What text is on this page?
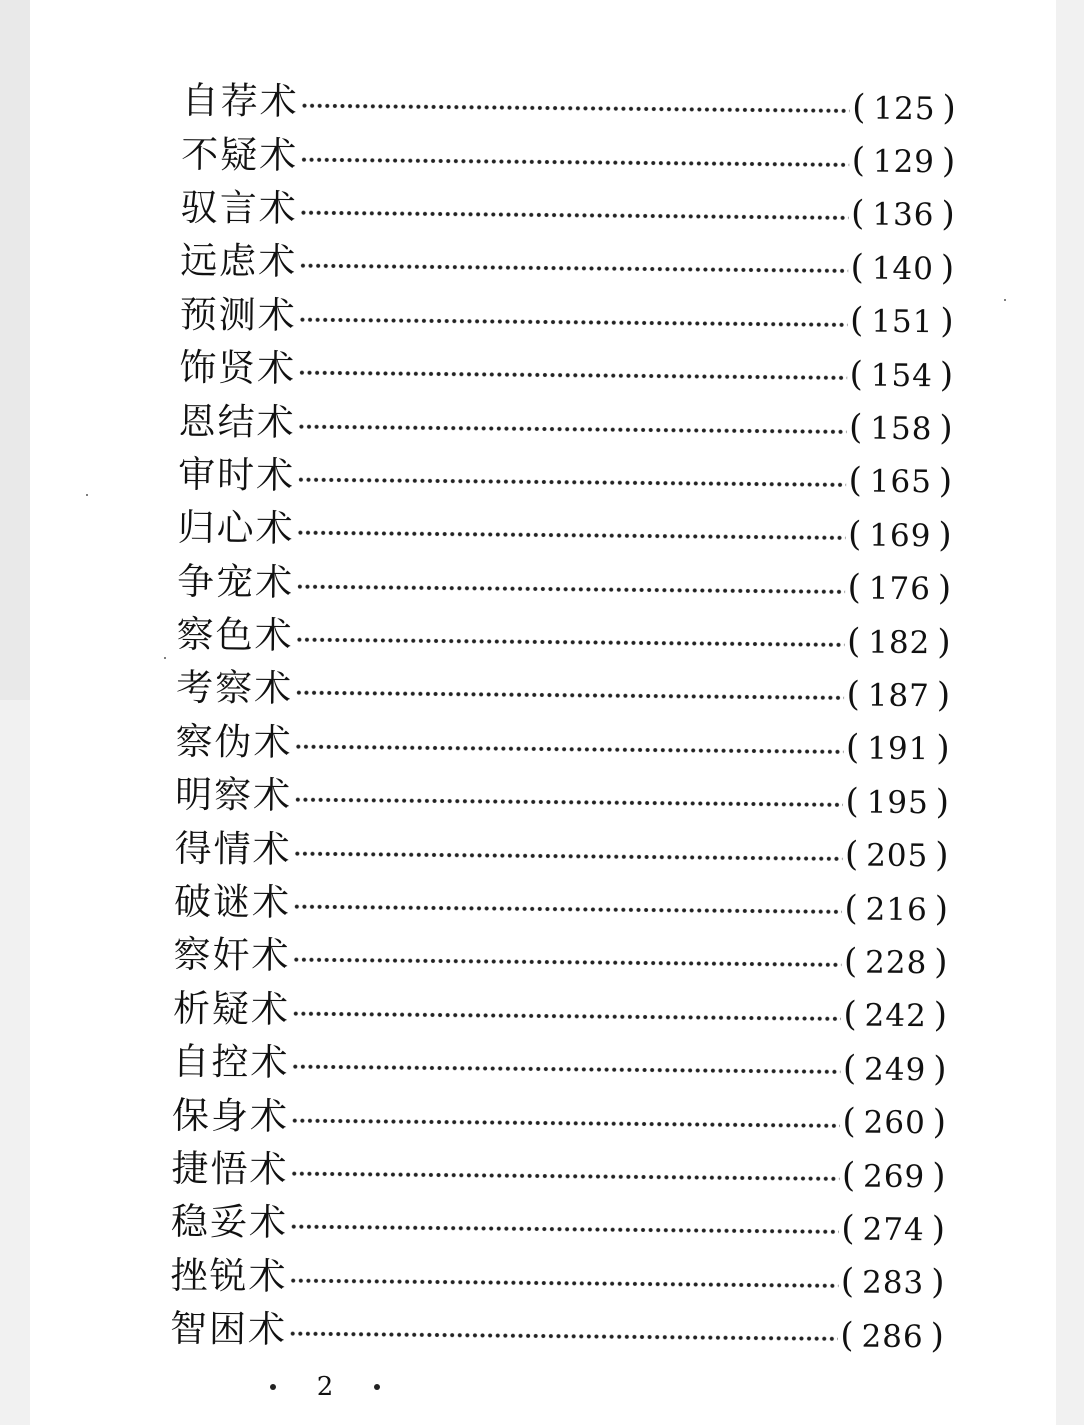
自荐术	( 125 )
不疑术	( 129 )
驭言术	( 136 )
远虑术	( 140 )
预测术	( 151 )
饰贤术	( 154 )
恩结术	( 158 )
审时术	( 165 )
归心术	( 169 )
争宠术	( 176 )
察色术	( 182 )
考察术	( 187 )
察伪术	( 191 )
明察术	( 195 )
得情术	( 205 )
破谜术	( 216 )
察奸术	( 228 )
析疑术	( 242 )
自控术	( 249 )
保身术	( 260 )
捷悟术	( 269 )
稳妥术	( 274 )
挫锐术	( 283 )
智困术	( 286 )
2
